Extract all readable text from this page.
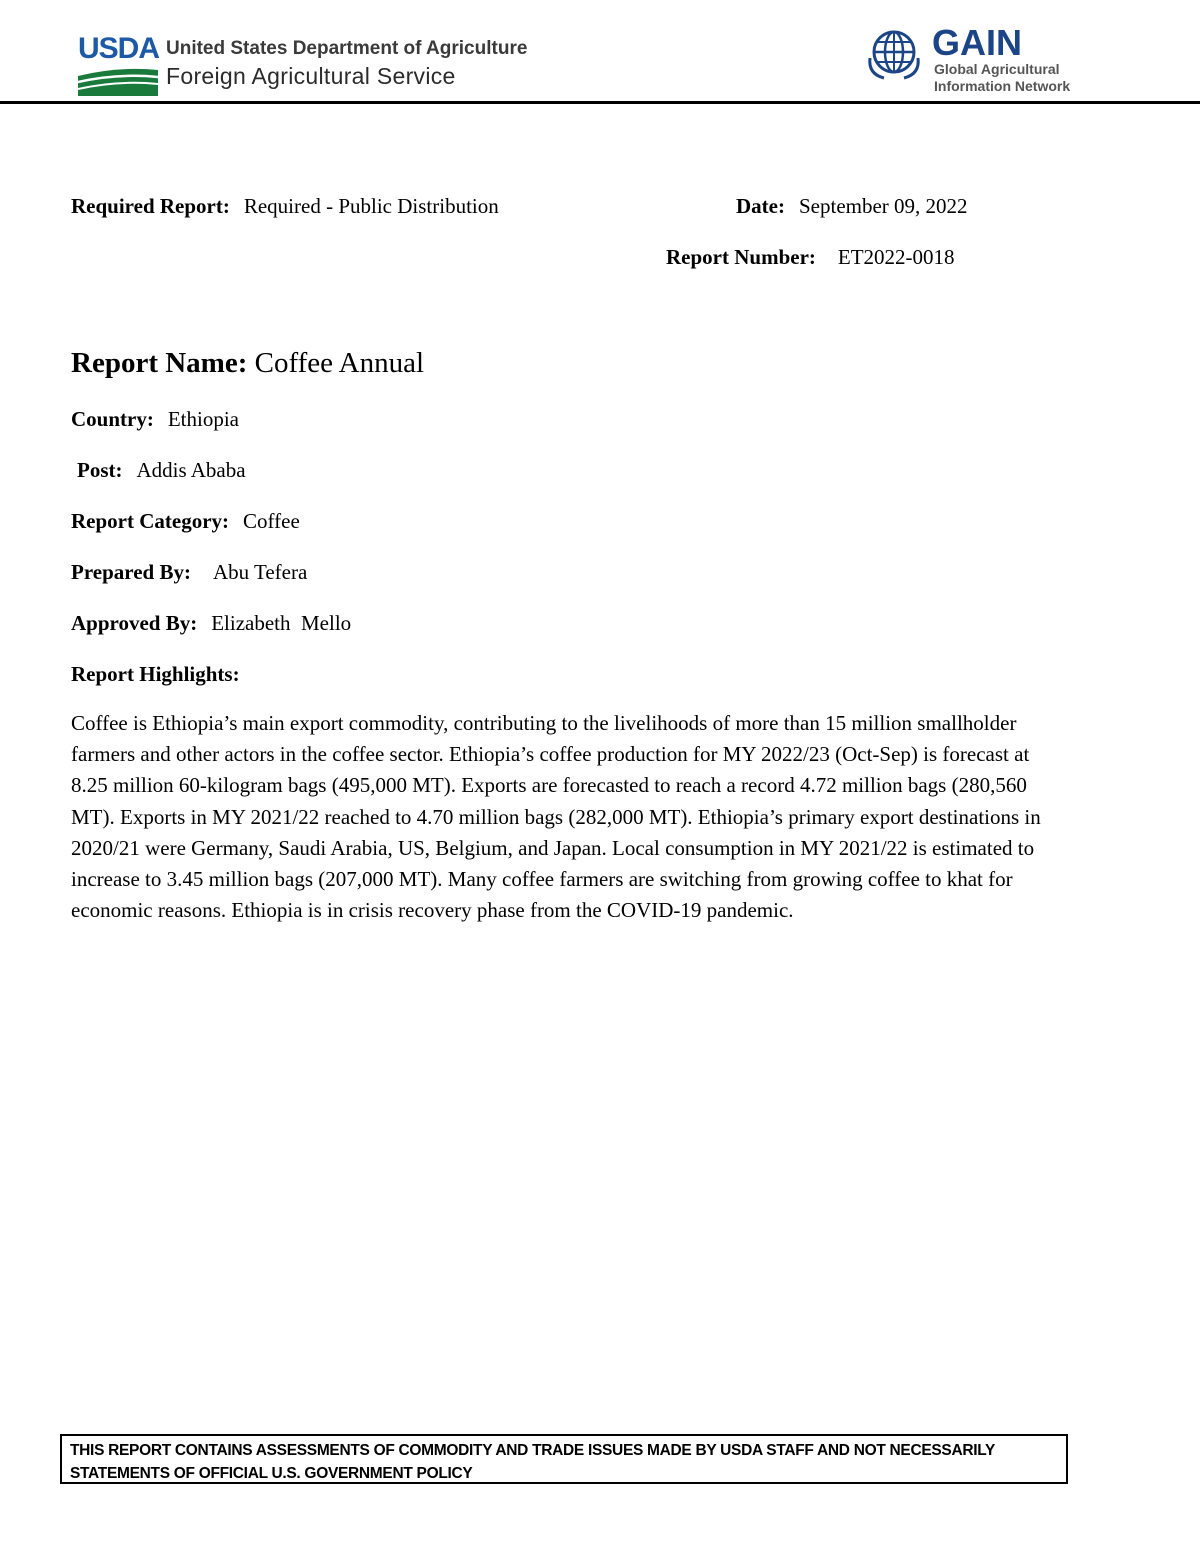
USDA United States Department of Agriculture
Foreign Agricultural Service
GAIN
Global Agricultural
Information Network
Required Report: Required - Public Distribution	Date: September 09, 2022
Report Number: ET2022-0018
Report Name: Coffee Annual
Country: Ethiopia
Post: Addis Ababa
Report Category: Coffee
Prepared By: Abu Tefera
Approved By: Elizabeth  Mello
Report Highlights:
Coffee is Ethiopia’s main export commodity, contributing to the livelihoods of more than 15 million smallholder farmers and other actors in the coffee sector. Ethiopia’s coffee production for MY 2022/23 (Oct-Sep) is forecast at 8.25 million 60-kilogram bags (495,000 MT). Exports are forecasted to reach a record 4.72 million bags (280,560 MT). Exports in MY 2021/22 reached to 4.70 million bags (282,000 MT). Ethiopia’s primary export destinations in 2020/21 were Germany, Saudi Arabia, US, Belgium, and Japan. Local consumption in MY 2021/22 is estimated to increase to 3.45 million bags (207,000 MT). Many coffee farmers are switching from growing coffee to khat for economic reasons. Ethiopia is in crisis recovery phase from the COVID-19 pandemic.
THIS REPORT CONTAINS ASSESSMENTS OF COMMODITY AND TRADE ISSUES MADE BY USDA STAFF AND NOT NECESSARILY
STATEMENTS OF OFFICIAL U.S. GOVERNMENT POLICY
